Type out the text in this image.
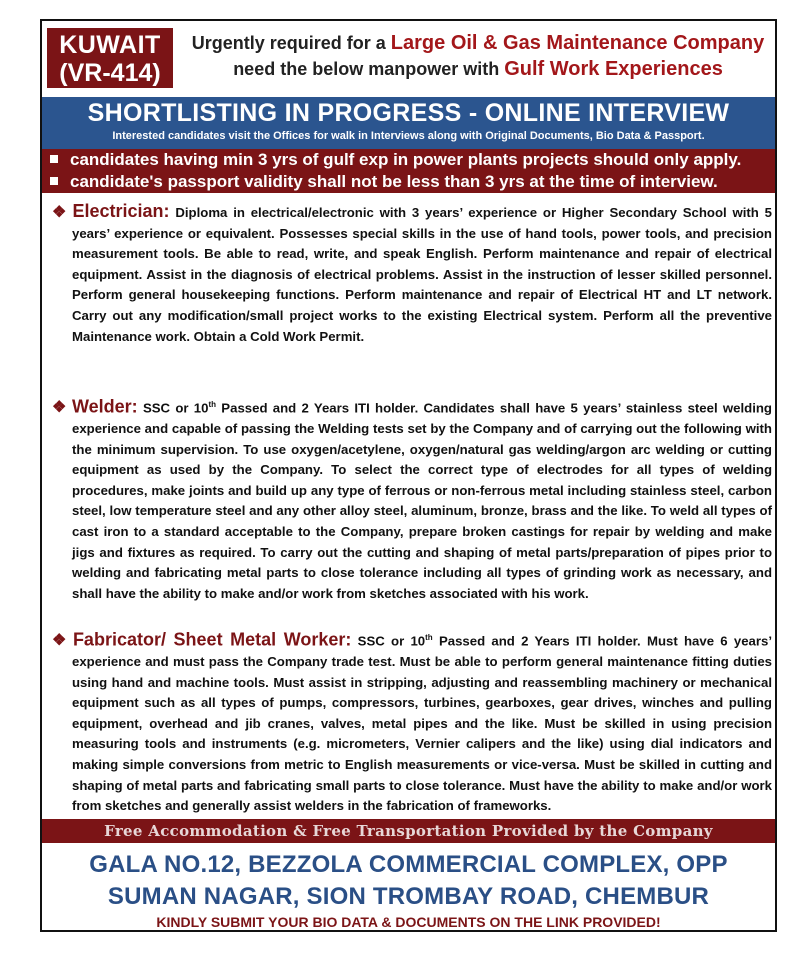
KUWAIT
(VR-414)
Urgently required for a Large Oil & Gas Maintenance Company
need the below manpower with Gulf Work Experiences
SHORTLISTING IN PROGRESS - ONLINE INTERVIEW
Interested candidates visit the Offices for walk in Interviews along with Original Documents, Bio Data & Passport.
candidates having min 3 yrs of gulf exp in power plants projects should only apply.
candidate's passport validity shall not be less than 3 yrs at the time of interview.

❖ Electrician: Diploma in electrical/electronic with 3 years’ experience or Higher Secondary School with 5 years’ experience or equivalent. Possesses special skills in the use of hand tools, power tools, and precision measurement tools. Be able to read, write, and speak English. Perform maintenance and repair of electrical equipment. Assist in the diagnosis of electrical problems. Assist in the instruction of lesser skilled personnel. Perform general housekeeping functions. Perform maintenance and repair of Electrical HT and LT network. Carry out any modification/small project works to the existing Electrical system. Perform all the preventive Maintenance work. Obtain a Cold Work Permit.

❖ Welder: SSC or 10th Passed and 2 Years ITI holder. Candidates shall have 5 years’ stainless steel welding experience and capable of passing the Welding tests set by the Company and of carrying out the following with the minimum supervision. To use oxygen/acetylene, oxygen/natural gas welding/argon arc welding or cutting equipment as used by the Company. To select the correct type of electrodes for all types of welding procedures, make joints and build up any type of ferrous or non-ferrous metal including stainless steel, carbon steel, low temperature steel and any other alloy steel, aluminum, bronze, brass and the like. To weld all types of cast iron to a standard acceptable to the Company, prepare broken castings for repair by welding and make jigs and fixtures as required. To carry out the cutting and shaping of metal parts/preparation of pipes prior to welding and fabricating metal parts to close tolerance including all types of grinding work as necessary, and shall have the ability to make and/or work from sketches associated with his work.

❖ Fabricator/ Sheet Metal Worker: SSC or 10th Passed and 2 Years ITI holder. Must have 6 years’ experience and must pass the Company trade test. Must be able to perform general maintenance fitting duties using hand and machine tools. Must assist in stripping, adjusting and reassembling machinery or mechanical equipment such as all types of pumps, compressors, turbines, gearboxes, gear drives, winches and pulling equipment, overhead and jib cranes, valves, metal pipes and the like. Must be skilled in using precision measuring tools and instruments (e.g. micrometers, Vernier calipers and the like) using dial indicators and making simple conversions from metric to English measurements or vice-versa. Must be skilled in cutting and shaping of metal parts and fabricating small parts to close tolerance. Must have the ability to make and/or work from sketches and generally assist welders in the fabrication of frameworks.

Free Accommodation & Free Transportation Provided by the Company
GALA NO.12, BEZZOLA COMMERCIAL COMPLEX, OPP
SUMAN NAGAR, SION TROMBAY ROAD, CHEMBUR
KINDLY SUBMIT YOUR BIO DATA & DOCUMENTS ON THE LINK PROVIDED!
